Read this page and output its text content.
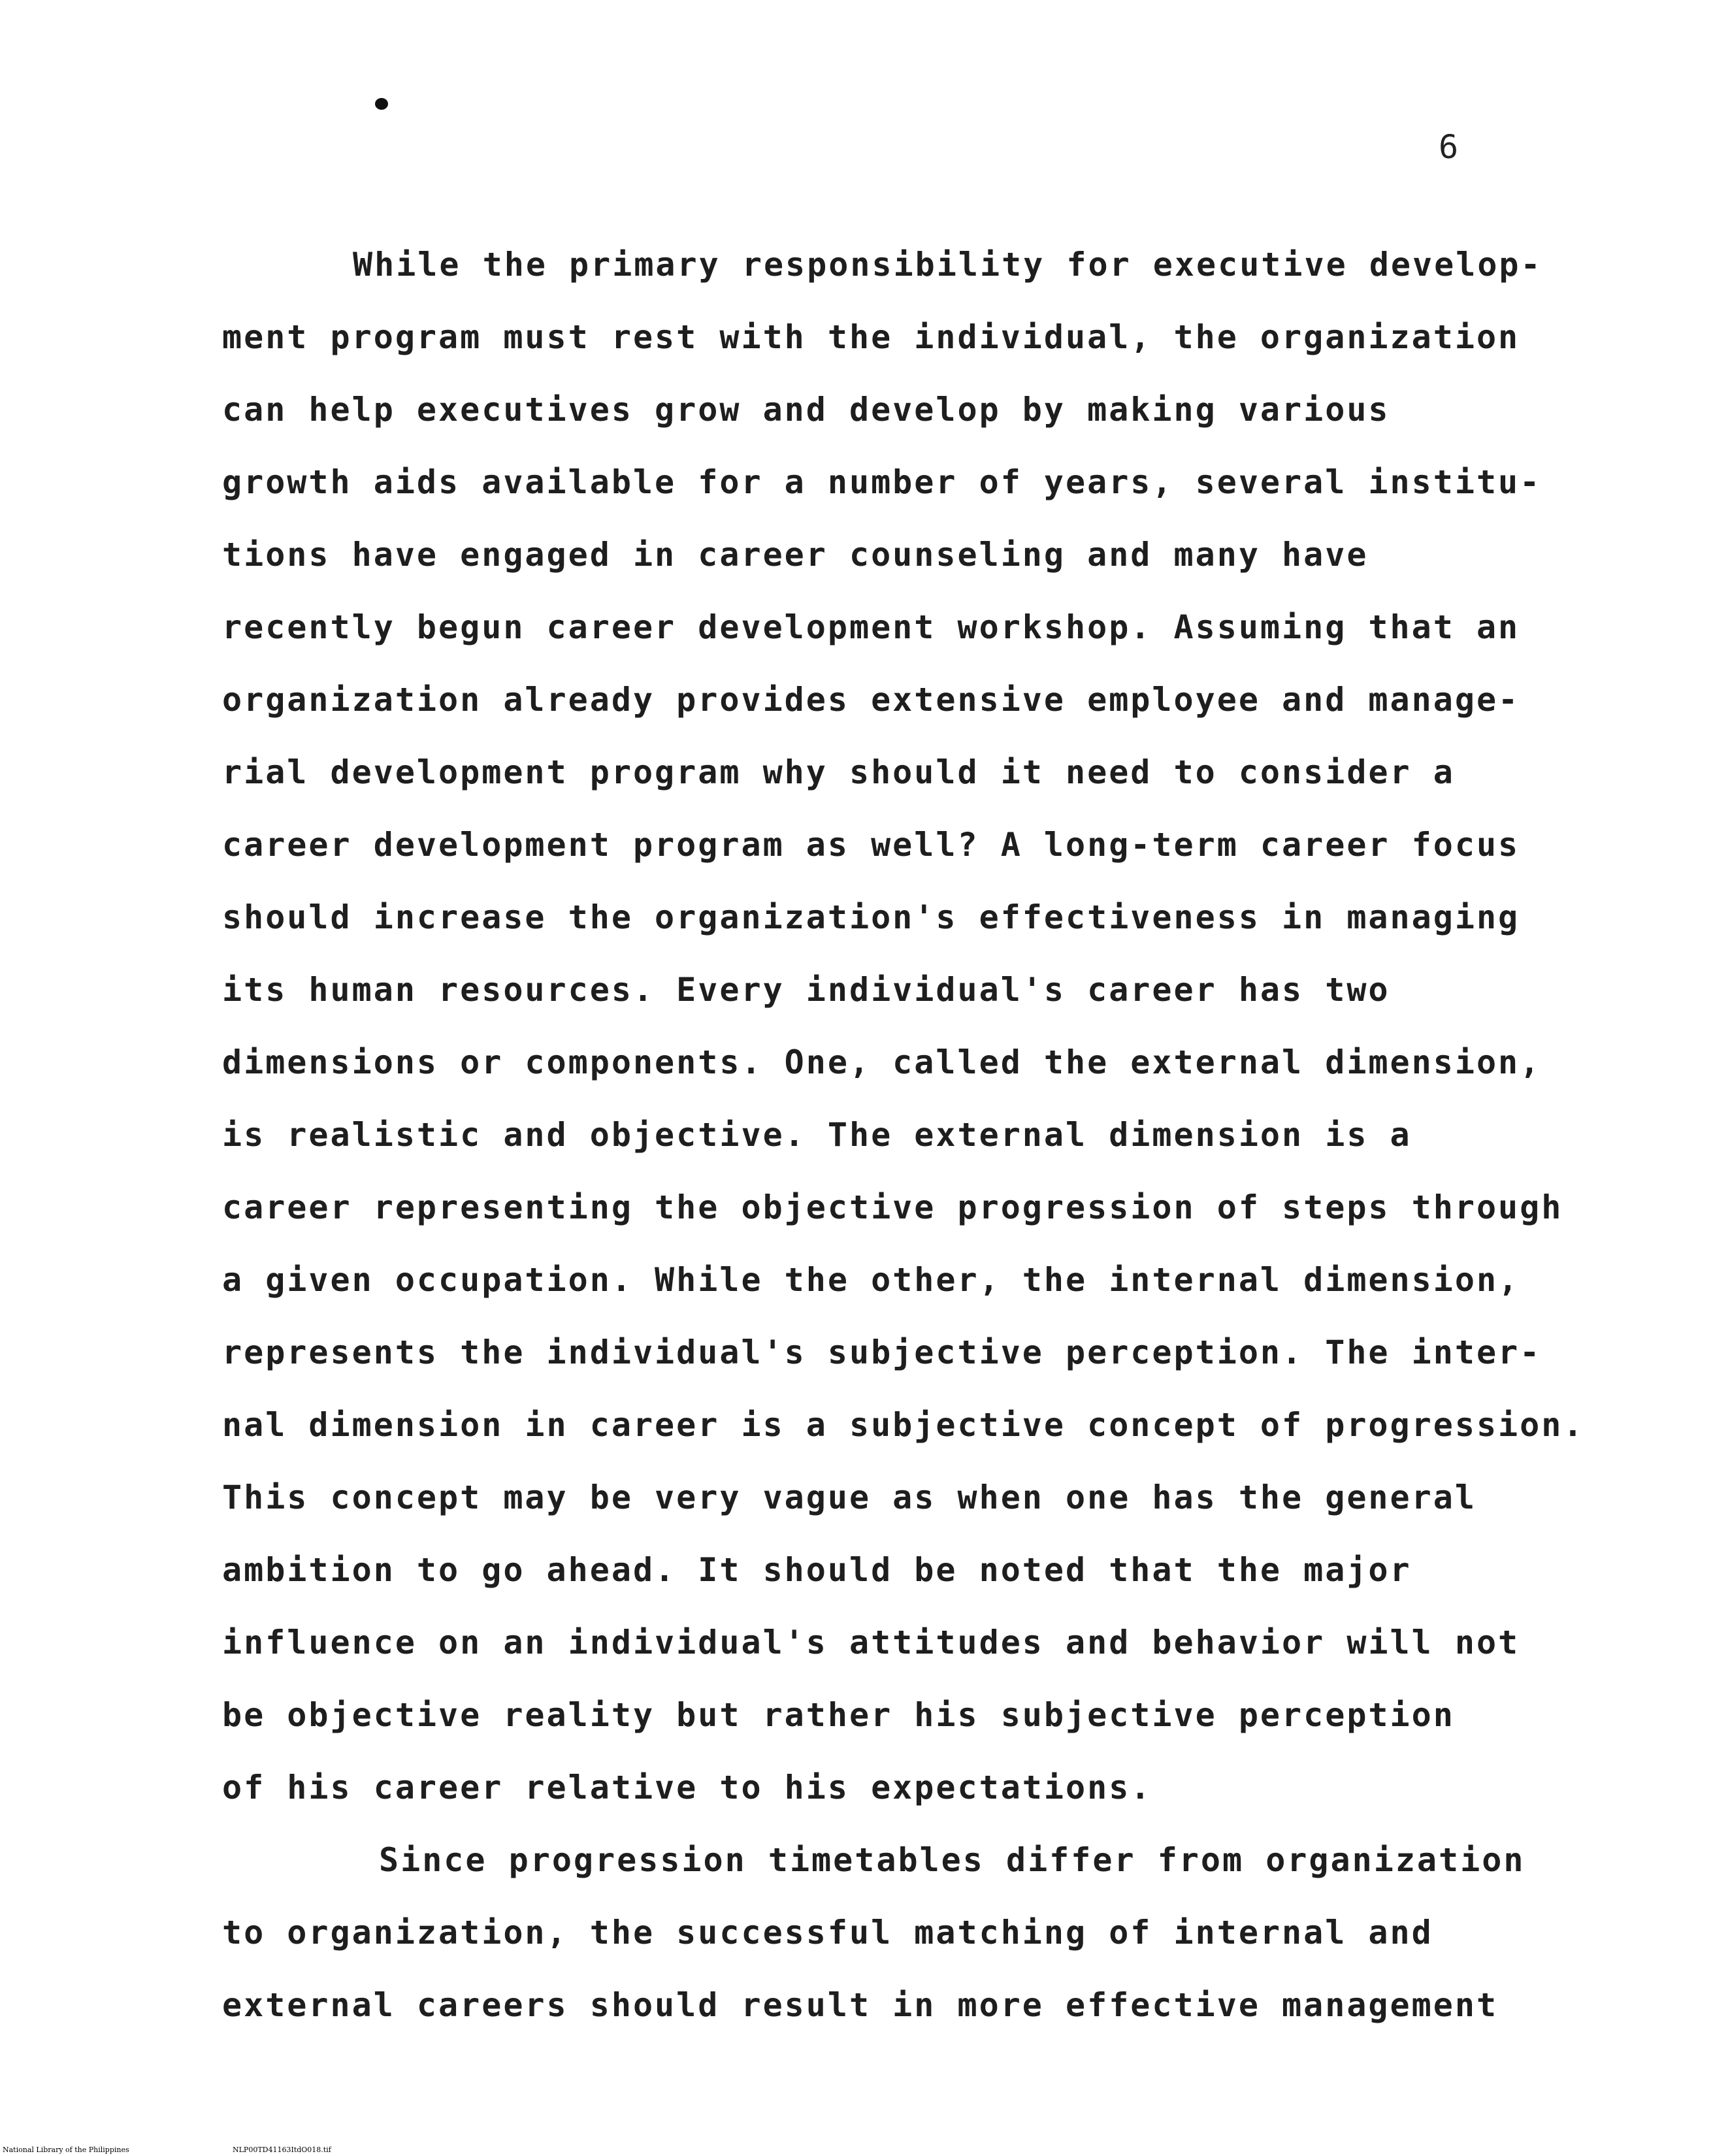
6
While the primary responsibility for executive develop-
ment program must rest with the individual, the organization
can help executives grow and develop by making various
growth aids available for a number of years, several institu-
tions have engaged in career counseling and many have
recently begun career development workshop. Assuming that an
organization already provides extensive employee and manage-
rial development program why should it need to consider a
career development program as well? A long-term career focus
should increase the organization's effectiveness in managing
its human resources. Every individual's career has two
dimensions or components. One, called the external dimension,
is realistic and objective. The external dimension is a
career representing the objective progression of steps through
a given occupation. While the other, the internal dimension,
represents the individual's subjective perception. The inter-
nal dimension in career is a subjective concept of progression.
This concept may be very vague as when one has the general
ambition to go ahead. It should be noted that the major
influence on an individual's attitudes and behavior will not
be objective reality but rather his subjective perception
of his career relative to his expectations.
Since progression timetables differ from organization
to organization, the successful matching of internal and
external careers should result in more effective management
National Library of the Philippines	NLP00TD41163ItdO018.tif
